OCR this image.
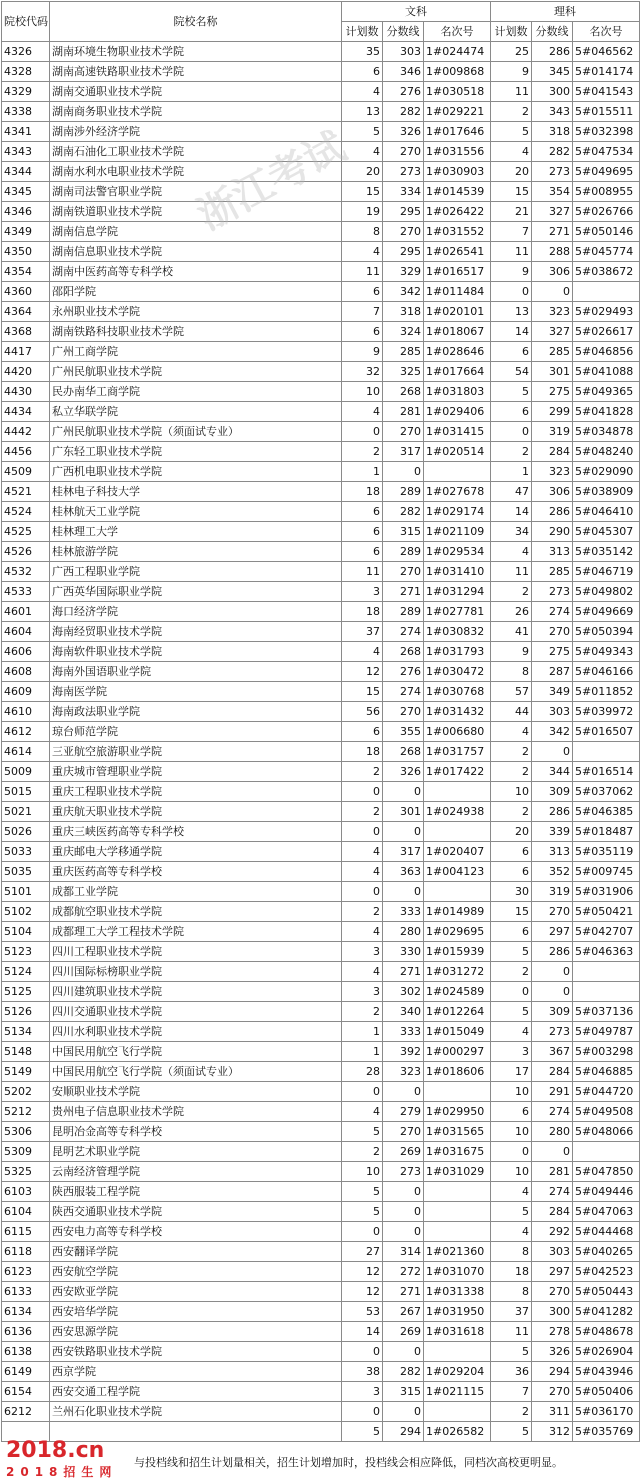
院校代码	院校名称	文科			理科		
		计划数	分数线	名次号	计划数	分数线	名次号
4326	湖南环境生物职业技术学院	35	303	1#024474	25	286	5#046562
4328	湖南高速铁路职业技术学院	6	346	1#009868	9	345	5#014174
4329	湖南交通职业技术学院	4	276	1#030518	11	300	5#041543
4338	湖南商务职业技术学院	13	282	1#029221	2	343	5#015511
4341	湖南涉外经济学院	5	326	1#017646	5	318	5#032398
4343	湖南石油化工职业技术学院	4	270	1#031556	4	282	5#047534
4344	湖南水利水电职业技术学院	20	273	1#030903	20	273	5#049695
4345	湖南司法警官职业学院	15	334	1#014539	15	354	5#008955
4346	湖南铁道职业技术学院	19	295	1#026422	21	327	5#026766
4349	湖南信息学院	8	270	1#031552	7	271	5#050146
4350	湖南信息职业技术学院	4	295	1#026541	11	288	5#045774
4354	湖南中医药高等专科学校	11	329	1#016517	9	306	5#038672
4360	邵阳学院	6	342	1#011484	0	0	
4364	永州职业技术学院	7	318	1#020101	13	323	5#029493
4368	湖南铁路科技职业技术学院	6	324	1#018067	14	327	5#026617
4417	广州工商学院	9	285	1#028646	6	285	5#046856
4420	广州民航职业技术学院	32	325	1#017664	54	301	5#041088
4430	民办南华工商学院	10	268	1#031803	5	275	5#049365
4434	私立华联学院	4	281	1#029406	6	299	5#041828
4442	广州民航职业技术学院（须面试专业）	0	270	1#031415	0	319	5#034878
4456	广东轻工职业技术学院	2	317	1#020514	2	284	5#048240
4509	广西机电职业技术学院	1	0		1	323	5#029090
4521	桂林电子科技大学	18	289	1#027678	47	306	5#038909
4524	桂林航天工业学院	6	282	1#029174	14	286	5#046410
4525	桂林理工大学	6	315	1#021109	34	290	5#045307
4526	桂林旅游学院	6	289	1#029534	4	313	5#035142
4532	广西工程职业学院	11	270	1#031410	11	285	5#046719
4533	广西英华国际职业学院	3	271	1#031294	2	273	5#049802
4601	海口经济学院	18	289	1#027781	26	274	5#049669
4604	海南经贸职业技术学院	37	274	1#030832	41	270	5#050394
4606	海南软件职业技术学院	4	268	1#031793	9	275	5#049343
4608	海南外国语职业学院	12	276	1#030472	8	287	5#046166
4609	海南医学院	15	274	1#030768	57	349	5#011852
4610	海南政法职业学院	56	270	1#031432	44	303	5#039972
4612	琼台师范学院	6	355	1#006680	4	342	5#016507
4614	三亚航空旅游职业学院	18	268	1#031757	2	0	
5009	重庆城市管理职业学院	2	326	1#017422	2	344	5#016514
5015	重庆工程职业技术学院	0	0		10	309	5#037062
5021	重庆航天职业技术学院	2	301	1#024938	2	286	5#046385
5026	重庆三峡医药高等专科学校	0	0		20	339	5#018487
5033	重庆邮电大学移通学院	4	317	1#020407	6	313	5#035119
5035	重庆医药高等专科学校	4	363	1#004123	6	352	5#009745
5101	成都工业学院	0	0		30	319	5#031906
5102	成都航空职业技术学院	2	333	1#014989	15	270	5#050421
5104	成都理工大学工程技术学院	4	280	1#029695	6	297	5#042707
5123	四川工程职业技术学院	3	330	1#015939	5	286	5#046363
5124	四川国际标榜职业学院	4	271	1#031272	2	0	
5125	四川建筑职业技术学院	3	302	1#024589	0	0	
5126	四川交通职业技术学院	2	340	1#012264	5	309	5#037136
5134	四川水利职业技术学院	1	333	1#015049	4	273	5#049787
5148	中国民用航空飞行学院	1	392	1#000297	3	367	5#003298
5149	中国民用航空飞行学院（须面试专业）	28	323	1#018606	17	284	5#046885
5202	安顺职业技术学院	0	0		10	291	5#044720
5212	贵州电子信息职业技术学院	4	279	1#029950	6	274	5#049508
5306	昆明冶金高等专科学校	5	270	1#031565	10	280	5#048066
5309	昆明艺术职业学院	2	269	1#031675	0	0	
5325	云南经济管理学院	10	273	1#031029	10	281	5#047850
6103	陕西服装工程学院	5	0		4	274	5#049446
6104	陕西交通职业技术学院	5	0		5	284	5#047063
6115	西安电力高等专科学校	0	0		4	292	5#044468
6118	西安翻译学院	27	314	1#021360	8	303	5#040265
6123	西安航空学院	12	272	1#031070	18	297	5#042523
6133	西安欧亚学院	12	271	1#031338	8	270	5#050443
6134	西安培华学院	53	267	1#031950	37	300	5#041282
6136	西安思源学院	14	269	1#031618	11	278	5#048678
6138	西安铁路职业技术学院	0	0		5	326	5#026904
6149	西京学院	38	282	1#029204	36	294	5#043946
6154	西安交通工程学院	3	315	1#021115	7	270	5#050406
6212	兰州石化职业技术学院	0	0		2	311	5#036170
		5	294	1#026582	5	312	5#035769
浙江考试
2018.cn
2018招生网
与投档线和招生计划量相关，招生计划增加时，投档线会相应降低，同档次高校更明显。
